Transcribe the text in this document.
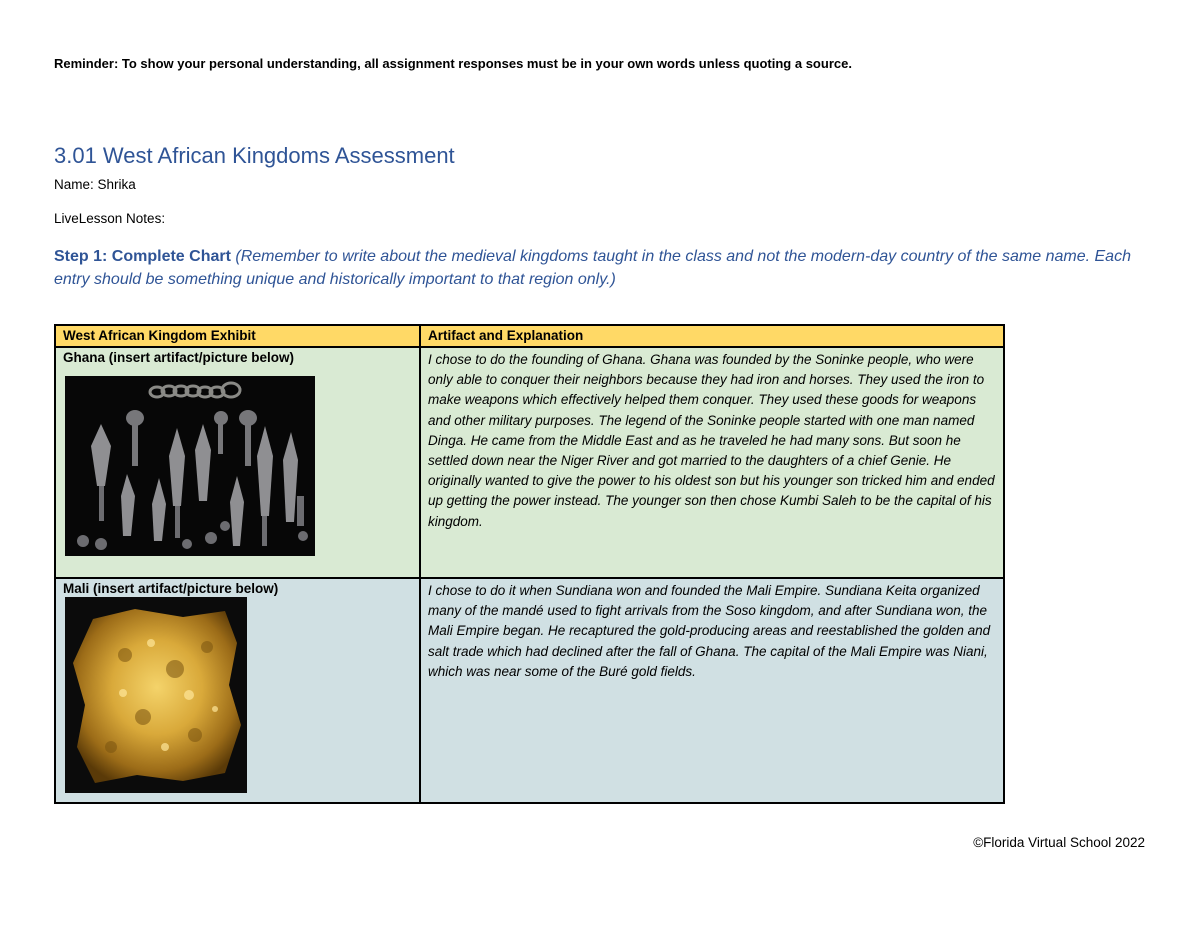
Reminder: To show your personal understanding, all assignment responses must be in your own words unless quoting a source.
3.01 West African Kingdoms Assessment
Name: Shrika
LiveLesson Notes:
Step 1: Complete Chart (Remember to write about the medieval kingdoms taught in the class and not the modern-day country of the same name. Each entry should be something unique and historically important to that region only.)
West African Kingdom Exhibit	Artifact and Explanation

Ghana (insert artifact/picture below)	I chose to do the founding of Ghana. Ghana was founded by the Soninke people, who were only able to conquer their neighbors because they had iron and horses. They used the iron to make weapons which effectively helped them conquer. They used these goods for weapons and other military purposes. The legend of the Soninke people started with one man named Dinga. He came from the Middle East and as he traveled he had many sons. But soon he settled down near the Niger River and got married to the daughters of a chief Genie. He originally wanted to give the power to his oldest son but his younger son tricked him and ended up getting the power instead. The younger son then chose Kumbi Saleh to be the capital of his kingdom.

Mali (insert artifact/picture below)	I chose to do it when Sundiana won and founded the Mali Empire. Sundiana Keita organized many of the mandé used to fight arrivals from the Soso kingdom, and after Sundiana won, the Mali Empire began. He recaptured the gold-producing areas and reestablished the golden and salt trade which had declined after the fall of Ghana. The capital of the Mali Empire was Niani, which was near some of the Buré gold fields.
©Florida Virtual School 2022
